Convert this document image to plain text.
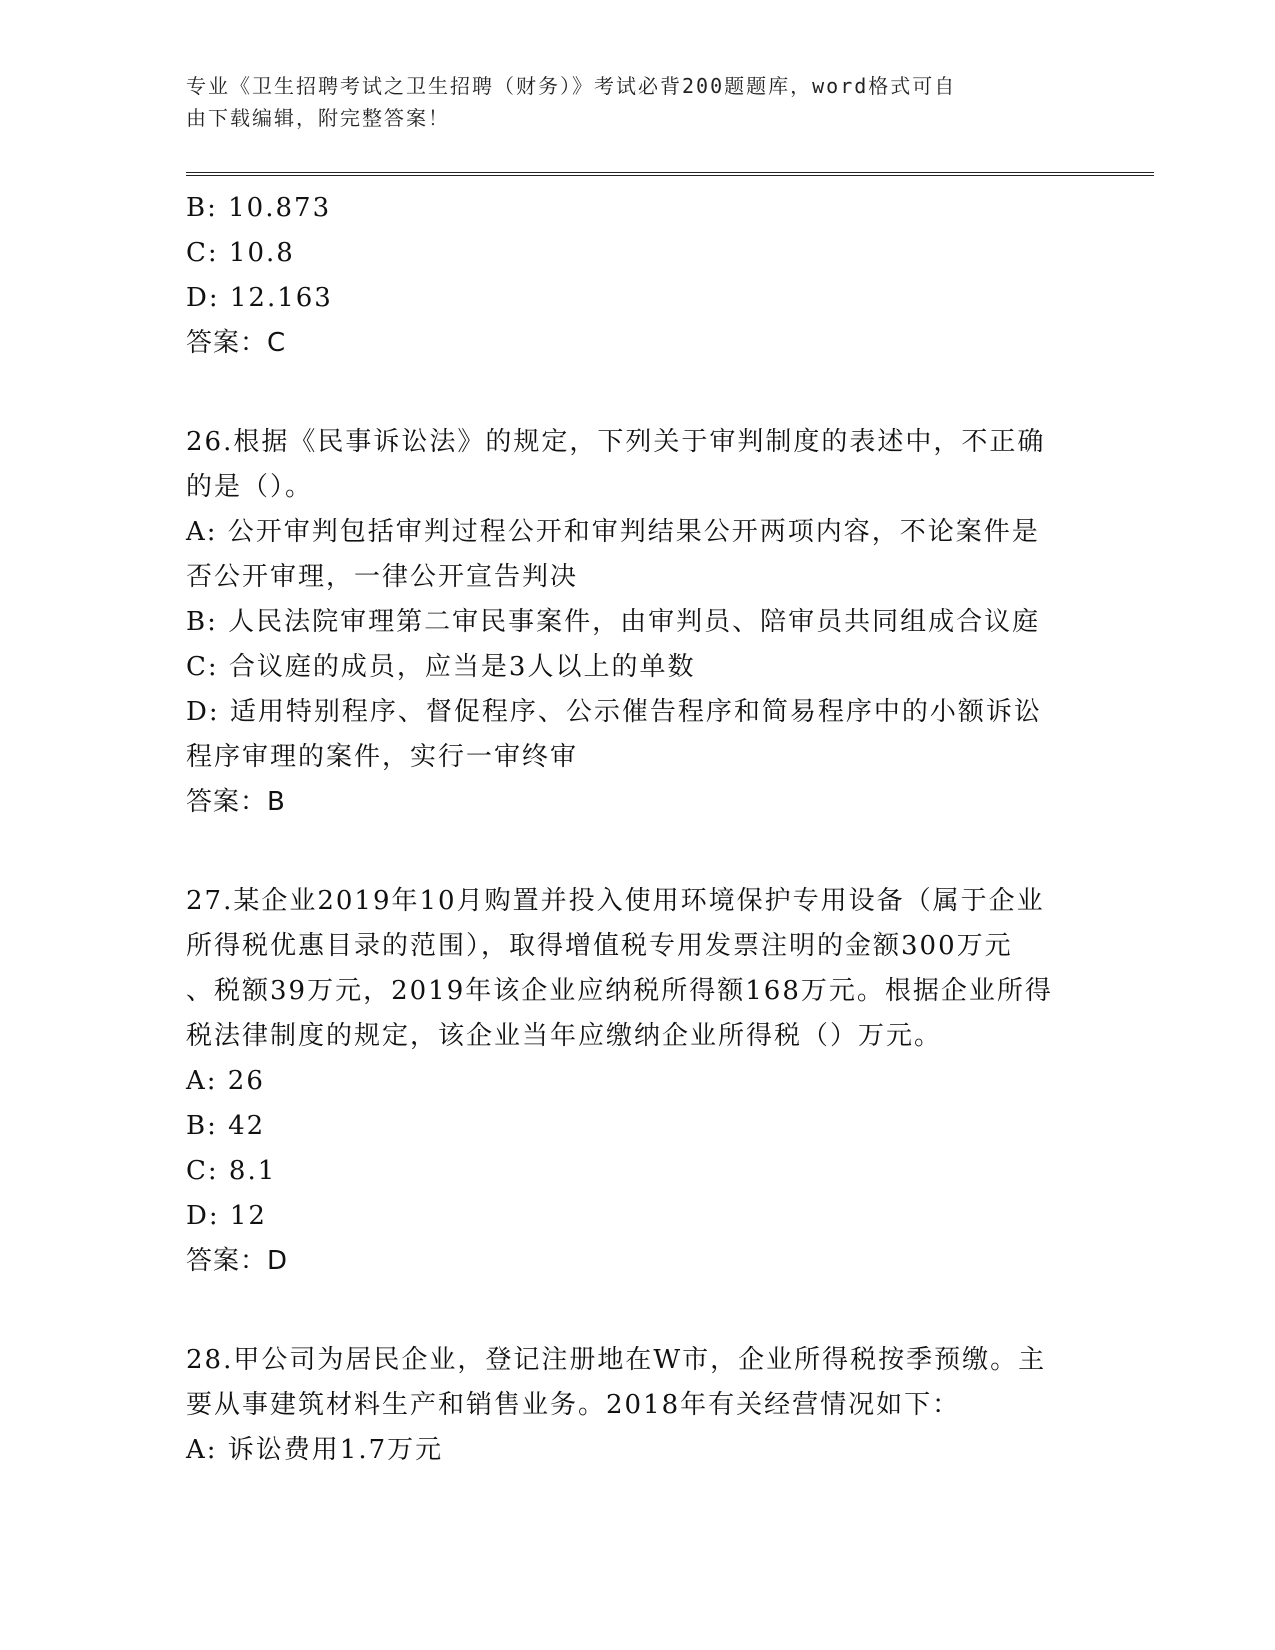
专业《卫生招聘考试之卫生招聘（财务）》考试必背200题题库，word格式可自
由下载编辑，附完整答案！
B: 10.873
C: 10.8
D: 12.163
答案：C
26.根据《民事诉讼法》的规定，下列关于审判制度的表述中，不正确
的是（）。
A: 公开审判包括审判过程公开和审判结果公开两项内容，不论案件是
否公开审理，一律公开宣告判决
B: 人民法院审理第二审民事案件，由审判员、陪审员共同组成合议庭
C: 合议庭的成员，应当是3人以上的单数
D: 适用特别程序、督促程序、公示催告程序和简易程序中的小额诉讼
程序审理的案件，实行一审终审
答案：B
27.某企业2019年10月购置并投入使用环境保护专用设备（属于企业
所得税优惠目录的范围），取得增值税专用发票注明的金额300万元
、税额39万元，2019年该企业应纳税所得额168万元。根据企业所得
税法律制度的规定，该企业当年应缴纳企业所得税（）万元。
A: 26
B: 42
C: 8.1
D: 12
答案：D
28.甲公司为居民企业，登记注册地在W市，企业所得税按季预缴。主
要从事建筑材料生产和销售业务。2018年有关经营情况如下：
A: 诉讼费用1.7万元
